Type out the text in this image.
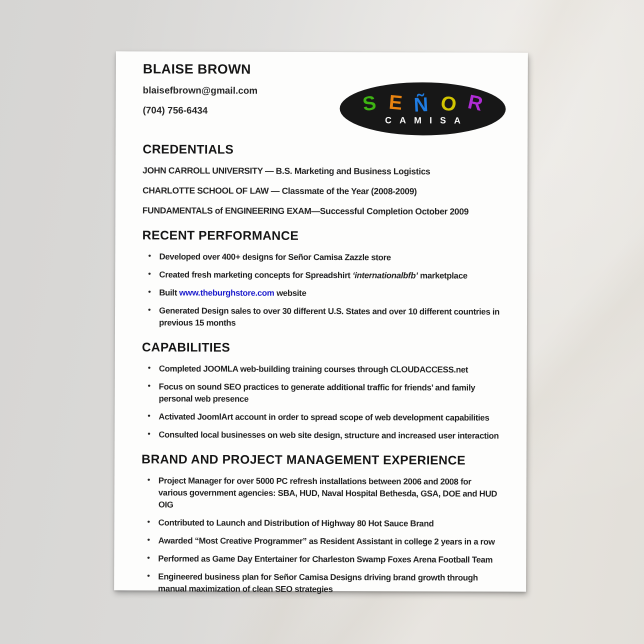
BLAISE BROWN
blaisefbrown@gmail.com
(704) 756-6434	S E Ñ O R
CAMISA
CREDENTIALS
JOHN CARROLL UNIVERSITY — B.S. Marketing and Business Logistics
CHARLOTTE SCHOOL OF LAW — Classmate of the Year (2008-2009)
FUNDAMENTALS of ENGINEERING EXAM—Successful Completion October 2009
RECENT PERFORMANCE
• Developed over 400+ designs for Señor Camisa Zazzle store
• Created fresh marketing concepts for Spreadshirt ‘internationalbfb’ marketplace
• Built www.theburghstore.com website
• Generated Design sales to over 30 different U.S. States and over 10 different countries in previous 15 months
CAPABILITIES
• Completed JOOMLA web-building training courses through CLOUDACCESS.net
• Focus on sound SEO practices to generate additional traffic for friends’ and family personal web presence
• Activated JoomlArt account in order to spread scope of web development capabilities
• Consulted local businesses on web site design, structure and increased user interaction
BRAND AND PROJECT MANAGEMENT EXPERIENCE
• Project Manager for over 5000 PC refresh installations between 2006 and 2008 for various government agencies: SBA, HUD, Naval Hospital Bethesda, GSA, DOE and HUD OIG
• Contributed to Launch and Distribution of Highway 80 Hot Sauce Brand
• Awarded “Most Creative Programmer” as Resident Assistant in college 2 years in a row
• Performed as Game Day Entertainer for Charleston Swamp Foxes Arena Football Team
• Engineered business plan for Señor Camisa Designs driving brand growth through manual maximization of clean SEO strategies
